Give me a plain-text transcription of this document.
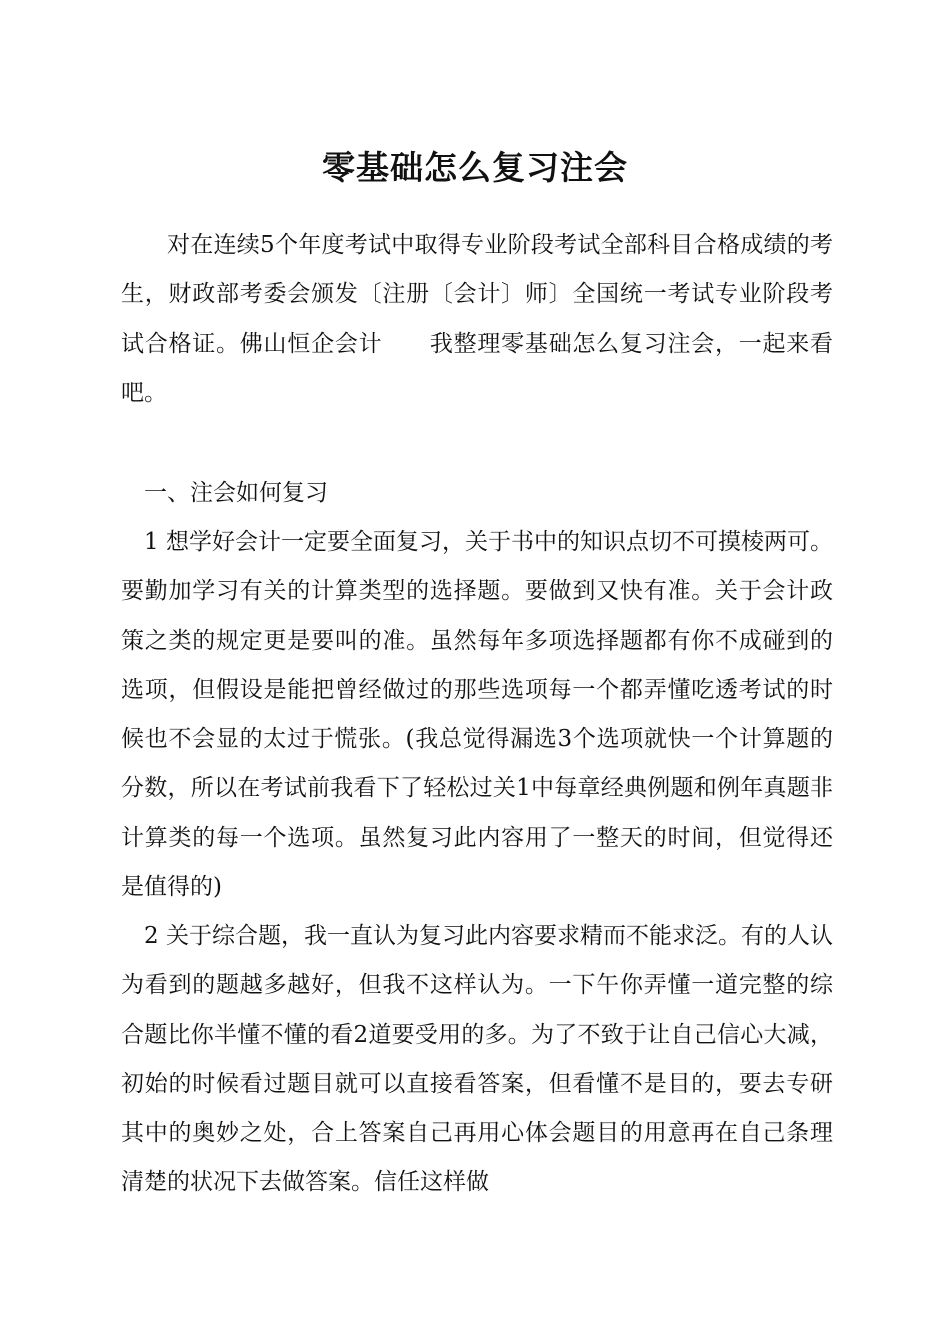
零基础怎么复习注会

对在连续5个年度考试中取得专业阶段考试全部科目合格成绩的考生，财政部考委会颁发〔注册〔会计〕师〕全国统一考试专业阶段考试合格证。佛山恒企会计　　我整理零基础怎么复习注会，一起来看吧。

一、注会如何复习

1 想学好会计一定要全面复习，关于书中的知识点切不可摸棱两可。要勤加学习有关的计算类型的选择题。要做到又快有准。关于会计政策之类的规定更是要叫的准。虽然每年多项选择题都有你不成碰到的选项，但假设是能把曾经做过的那些选项每一个都弄懂吃透考试的时候也不会显的太过于慌张。(我总觉得漏选3个选项就快一个计算题的分数，所以在考试前我看下了轻松过关1中每章经典例题和例年真题非计算类的每一个选项。虽然复习此内容用了一整天的时间，但觉得还是值得的)

2 关于综合题，我一直认为复习此内容要求精而不能求泛。有的人认为看到的题越多越好，但我不这样认为。一下午你弄懂一道完整的综合题比你半懂不懂的看2道要受用的多。为了不致于让自己信心大减，初始的时候看过题目就可以直接看答案，但看懂不是目的，要去专研其中的奥妙之处，合上答案自己再用心体会题目的用意再在自己条理清楚的状况下去做答案。信任这样做
